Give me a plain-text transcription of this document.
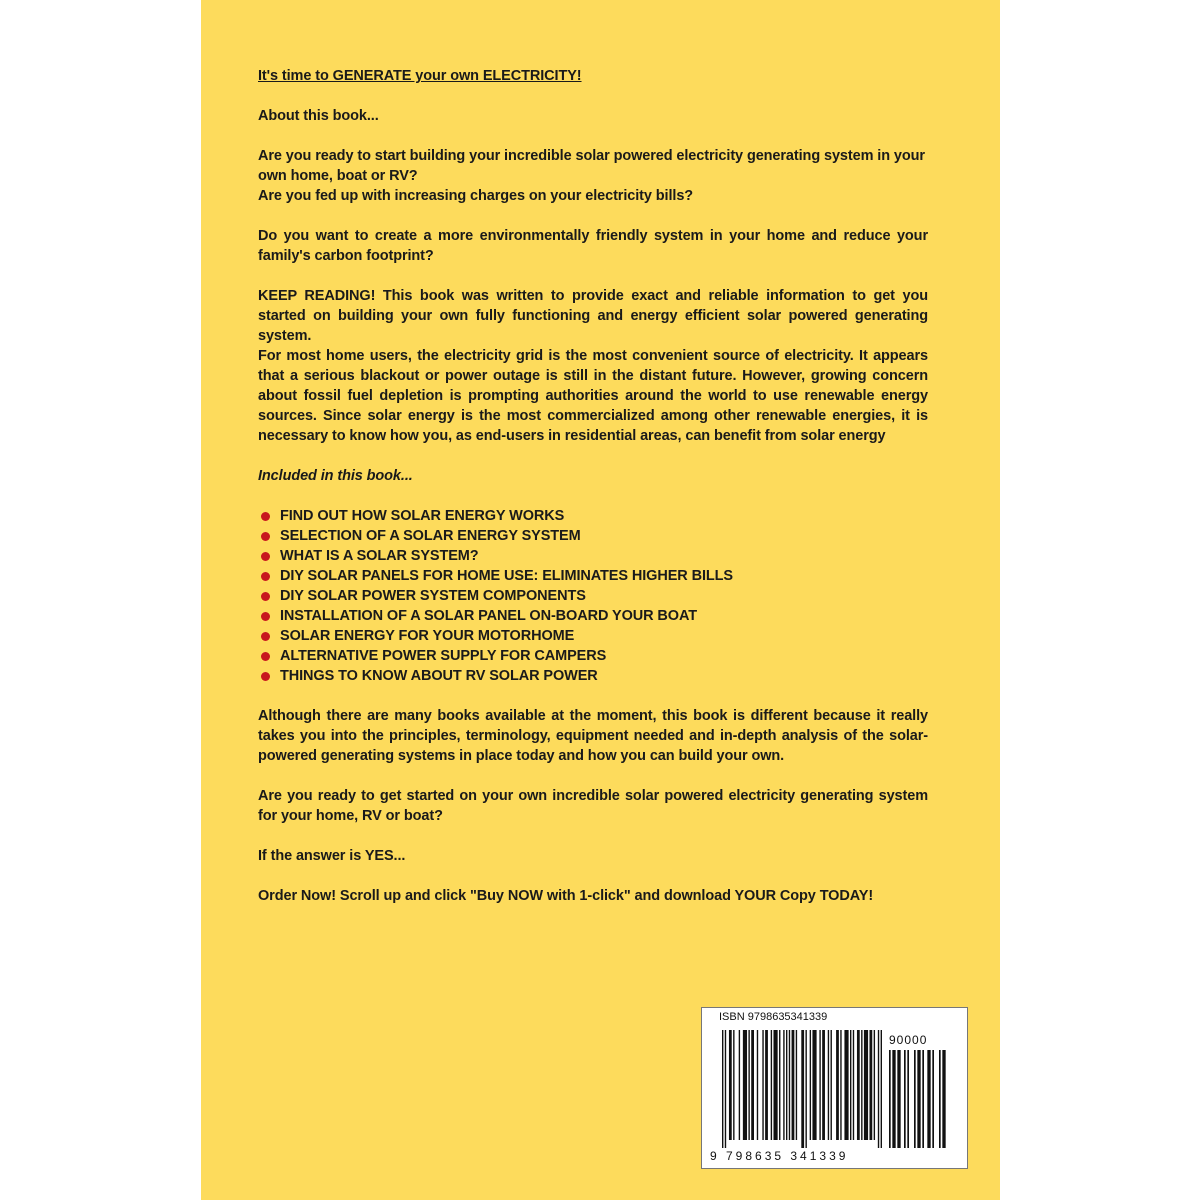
It's time to GENERATE your own ELECTRICITY!

About this book...

Are you ready to start building your incredible solar powered electricity generating system in your own home, boat or RV?

Are you fed up with increasing charges on your electricity bills?

Do you want to create a more environmentally friendly system in your home and reduce your family's carbon footprint?

KEEP READING! This book was written to provide exact and reliable information to get you started on building your own fully functioning and energy efficient solar powered generating system.

For most home users, the electricity grid is the most convenient source of electricity. It appears that a serious blackout or power outage is still in the distant future. However, growing concern about fossil fuel depletion is prompting authorities around the world to use renewable energy sources. Since solar energy is the most commercialized among other renewable energies, it is necessary to know how you, as end-users in residential areas, can benefit from solar energy

Included in this book...

FIND OUT HOW SOLAR ENERGY WORKS
SELECTION OF A SOLAR ENERGY SYSTEM
WHAT IS A SOLAR SYSTEM?
DIY SOLAR PANELS FOR HOME USE: ELIMINATES HIGHER BILLS
DIY SOLAR POWER SYSTEM COMPONENTS
INSTALLATION OF A SOLAR PANEL ON-BOARD YOUR BOAT
SOLAR ENERGY FOR YOUR MOTORHOME
ALTERNATIVE POWER SUPPLY FOR CAMPERS
THINGS TO KNOW ABOUT RV SOLAR POWER

Although there are many books available at the moment, this book is different because it really takes you into the principles, terminology, equipment needed and in-depth analysis of the solar-powered generating systems in place today and how you can build your own.

Are you ready to get started on your own incredible solar powered electricity generating system for your home, RV or boat?

If the answer is YES...

Order Now! Scroll up and click "Buy NOW with 1-click" and download YOUR Copy TODAY!

ISBN 9798635341339
90000
9 798635 341339
